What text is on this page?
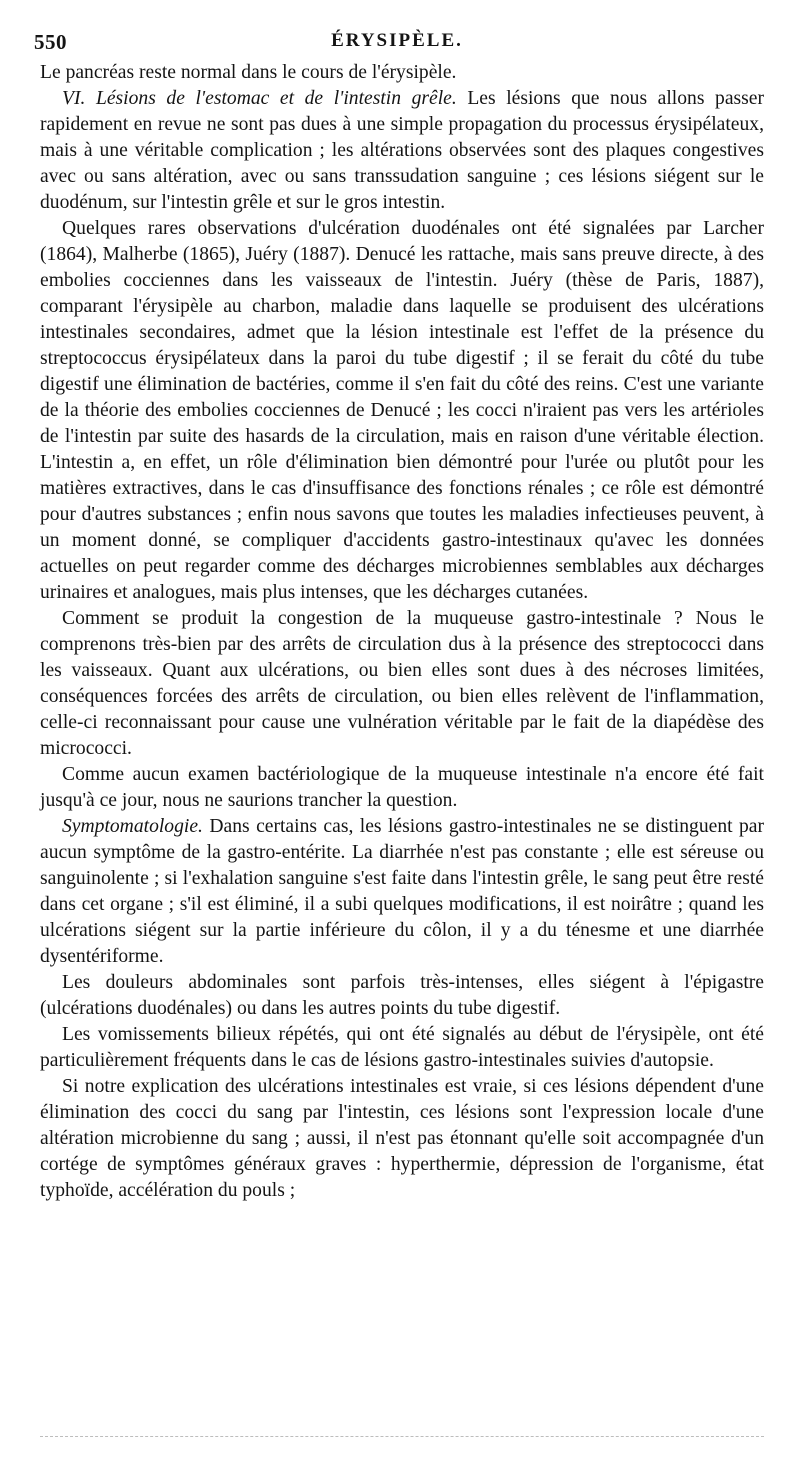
550	ÉRYSIPÈLE.

Le pancréas reste normal dans le cours de l'érysipèle.

VI. Lésions de l'estomac et de l'intestin grêle. Les lésions que nous allons passer rapidement en revue ne sont pas dues à une simple propagation du processus érysipélateux, mais à une véritable complication ; les altérations observées sont des plaques congestives avec ou sans altération, avec ou sans transsudation sanguine ; ces lésions siégent sur le duodénum, sur l'intestin grêle et sur le gros intestin.

Quelques rares observations d'ulcération duodénales ont été signalées par Larcher (1864), Malherbe (1865), Juéry (1887). Denucé les rattache, mais sans preuve directe, à des embolies cocciennes dans les vaisseaux de l'intestin. Juéry (thèse de Paris, 1887), comparant l'érysipèle au charbon, maladie dans laquelle se produisent des ulcérations intestinales secondaires, admet que la lésion intestinale est l'effet de la présence du streptococcus érysipélateux dans la paroi du tube digestif ; il se ferait du côté du tube digestif une élimination de bactéries, comme il s'en fait du côté des reins. C'est une variante de la théorie des embolies cocciennes de Denucé ; les cocci n'iraient pas vers les artérioles de l'intestin par suite des hasards de la circulation, mais en raison d'une véritable élection. L'intestin a, en effet, un rôle d'élimination bien démontré pour l'urée ou plutôt pour les matières extractives, dans le cas d'insuffisance des fonctions rénales ; ce rôle est démontré pour d'autres substances ; enfin nous savons que toutes les maladies infectieuses peuvent, à un moment donné, se compliquer d'accidents gastro-intestinaux qu'avec les données actuelles on peut regarder comme des décharges microbiennes semblables aux décharges urinaires et analogues, mais plus intenses, que les décharges cutanées.

Comment se produit la congestion de la muqueuse gastro-intestinale ? Nous le comprenons très-bien par des arrêts de circulation dus à la présence des streptococci dans les vaisseaux. Quant aux ulcérations, ou bien elles sont dues à des nécroses limitées, conséquences forcées des arrêts de circulation, ou bien elles relèvent de l'inflammation, celle-ci reconnaissant pour cause une vulnération véritable par le fait de la diapédèse des micrococci.

Comme aucun examen bactériologique de la muqueuse intestinale n'a encore été fait jusqu'à ce jour, nous ne saurions trancher la question.

Symptomatologie. Dans certains cas, les lésions gastro-intestinales ne se distinguent par aucun symptôme de la gastro-entérite. La diarrhée n'est pas constante ; elle est séreuse ou sanguinolente ; si l'exhalation sanguine s'est faite dans l'intestin grêle, le sang peut être resté dans cet organe ; s'il est éliminé, il a subi quelques modifications, il est noirâtre ; quand les ulcérations siégent sur la partie inférieure du côlon, il y a du ténesme et une diarrhée dysentériforme.

Les douleurs abdominales sont parfois très-intenses, elles siégent à l'épigastre (ulcérations duodénales) ou dans les autres points du tube digestif.

Les vomissements bilieux répétés, qui ont été signalés au début de l'érysipèle, ont été particulièrement fréquents dans le cas de lésions gastro-intestinales suivies d'autopsie.

Si notre explication des ulcérations intestinales est vraie, si ces lésions dépendent d'une élimination des cocci du sang par l'intestin, ces lésions sont l'expression locale d'une altération microbienne du sang ; aussi, il n'est pas étonnant qu'elle soit accompagnée d'un cortége de symptômes généraux graves : hyperthermie, dépression de l'organisme, état typhoïde, accélération du pouls ;
